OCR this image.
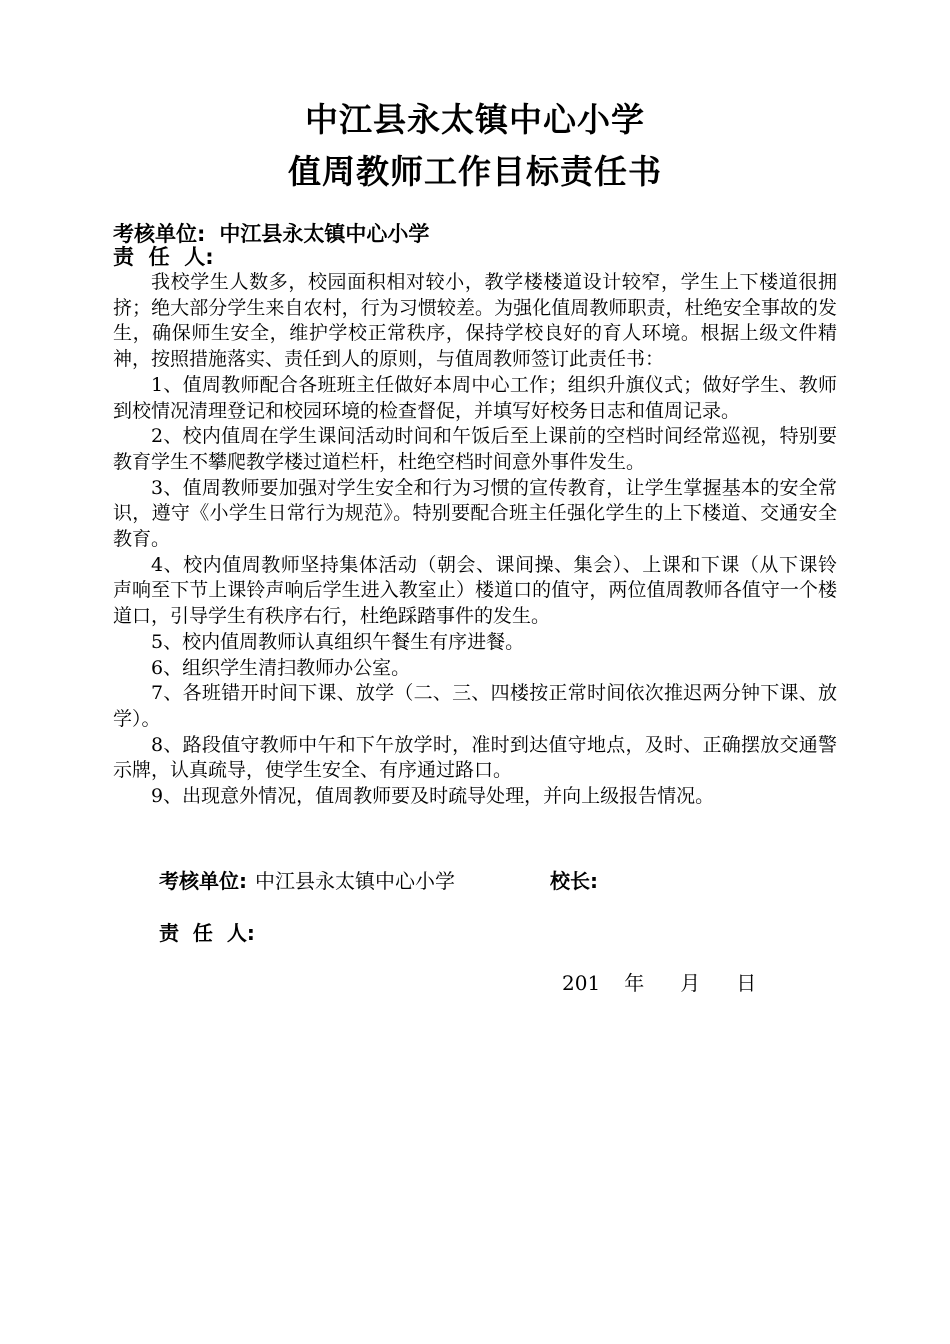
中江县永太镇中心小学
值周教师工作目标责任书
考核单位: 中江县永太镇中心小学
责  任  人:

我校学生人数多，校园面积相对较小，教学楼楼道设计较窄，学生上下楼道很拥挤；绝大部分学生来自农村，行为习惯较差。为强化值周教师职责，杜绝安全事故的发生，确保师生安全，维护学校正常秩序，保持学校良好的育人环境。根据上级文件精神，按照措施落实、责任到人的原则，与值周教师签订此责任书：

1、值周教师配合各班班主任做好本周中心工作；组织升旗仪式；做好学生、教师到校情况清理登记和校园环境的检查督促，并填写好校务日志和值周记录。

2、校内值周在学生课间活动时间和午饭后至上课前的空档时间经常巡视，特别要教育学生不攀爬教学楼过道栏杆，杜绝空档时间意外事件发生。

3、值周教师要加强对学生安全和行为习惯的宣传教育，让学生掌握基本的安全常识，遵守《小学生日常行为规范》。特别要配合班主任强化学生的上下楼道、交通安全教育。

4、校内值周教师坚持集体活动（朝会、课间操、集会）、上课和下课（从下课铃声响至下节上课铃声响后学生进入教室止）楼道口的值守，两位值周教师各值守一个楼道口，引导学生有秩序右行，杜绝踩踏事件的发生。

5、校内值周教师认真组织午餐生有序进餐。

6、组织学生清扫教师办公室。

7、各班错开时间下课、放学（二、三、四楼按正常时间依次推迟两分钟下课、放学）。

8、路段值守教师中午和下午放学时，准时到达值守地点，及时、正确摆放交通警示牌，认真疏导，使学生安全、有序通过路口。

9、出现意外情况，值周教师要及时疏导处理，并向上级报告情况。

考核单位: 中江县永太镇中心小学	校长:
责  任  人:
201 年 月 日
